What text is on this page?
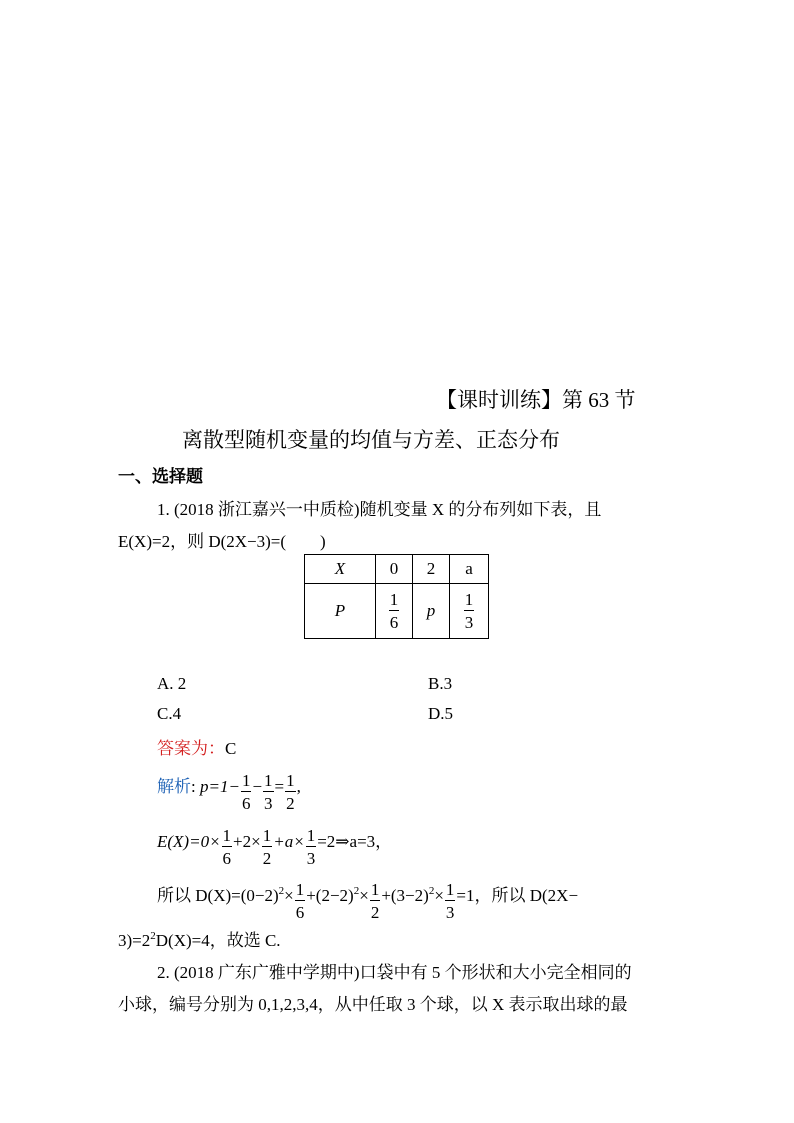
【课时训练】第 63 节
离散型随机变量的均值与方差、正态分布
一、选择题
1. (2018 浙江嘉兴一中质检)随机变量 X 的分布列如下表，且
E(X)=2，则 D(2X−3)=(　　)
X	0	2	a
P	$\frac{1}{6}$	p	$\frac{1}{3}$
A. 2	B.3
C.4	D.5
答案为：C
解析: $p=1- \frac{1}{6} - \frac{1}{3} = \frac{1}{2}$ ,
$E(X)=0\times \frac{1}{6} +2\times \frac{1}{2} +a\times \frac{1}{3}$ =2⇒a=3，
所以 $D(X)=(0-2)^2\times \frac{1}{6} +(2-2)^2\times \frac{1}{2} +(3-2)^2\times \frac{1}{3} =1$，所以 D(2X−
$3)=2^2D(X)=4$，故选 C.
2. (2018 广东广雅中学期中)口袋中有 5 个形状和大小完全相同的
小球，编号分别为 0,1,2,3,4，从中任取 3 个球，以 X 表示取出球的最
